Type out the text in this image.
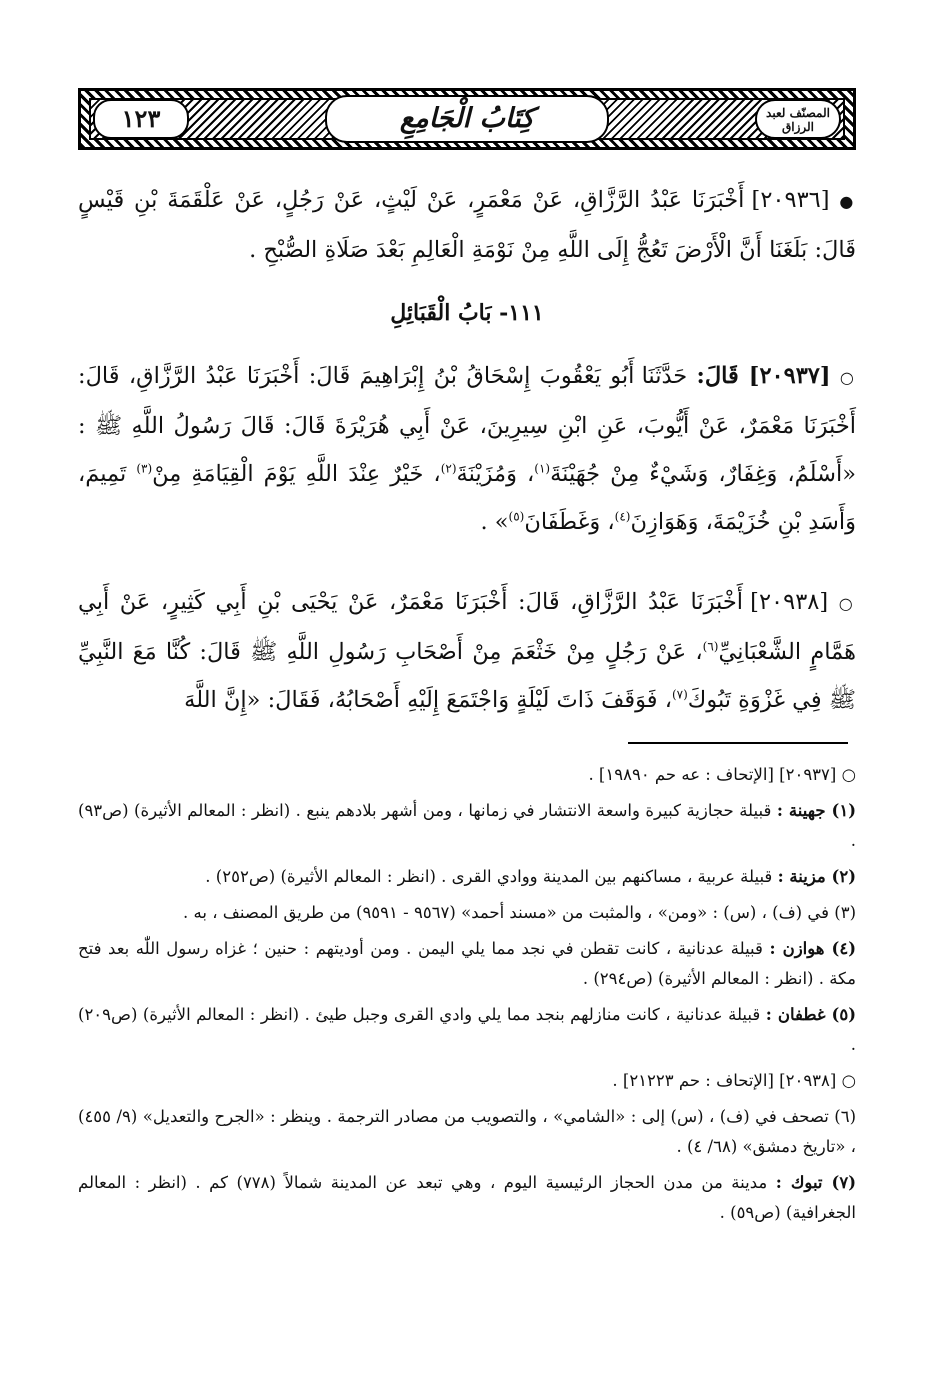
المصنّف لعبد الرزاق
كِتَابُ الْجَامِعِ
١٢٣
● [٢٠٩٣٦] أَخْبَرَنَا عَبْدُ الرَّزَّاقِ، عَنْ مَعْمَرٍ، عَنْ لَيْثٍ، عَنْ رَجُلٍ، عَنْ عَلْقَمَةَ بْنِ قَيْسٍ قَالَ: بَلَغَنَا أَنَّ الْأَرْضَ تَعُجُّ إِلَى اللَّهِ مِنْ نَوْمَةِ الْعَالِمِ بَعْدَ صَلَاةِ الصُّبْحِ .
١١١- بَابُ الْقَبَائِلِ
○ [٢٠٩٣٧] قَالَ: حَدَّثَنَا أَبُو يَعْقُوبَ إِسْحَاقُ بْنُ إِبْرَاهِيمَ قَالَ: أَخْبَرَنَا عَبْدُ الرَّزَّاقِ، قَالَ: أَخْبَرَنَا مَعْمَرٌ، عَنْ أَيُّوبَ، عَنِ ابْنِ سِيرِينَ، عَنْ أَبِي هُرَيْرَةَ قَالَ: قَالَ رَسُولُ اللَّهِ ﷺ : «أَسْلَمُ، وَغِفَارٌ، وَشَيْءٌ مِنْ جُهَيْنَةَ$^{(١)}$، وَمُزَيْنَةَ$^{(٢)}$، خَيْرٌ عِنْدَ اللَّهِ يَوْمَ الْقِيَامَةِ مِنْ$^{(٣)}$ تَمِيمَ، وَأَسَدِ بْنِ خُزَيْمَةَ، وَهَوَازِنَ$^{(٤)}$، وَغَطَفَانَ$^{(٥)}$» .
○ [٢٠٩٣٨] أَخْبَرَنَا عَبْدُ الرَّزَّاقِ، قَالَ: أَخْبَرَنَا مَعْمَرٌ، عَنْ يَحْيَى بْنِ أَبِي كَثِيرٍ، عَنْ أَبِي هَمَّامٍ الشَّعْبَانِيِّ$^{(٦)}$، عَنْ رَجُلٍ مِنْ خَثْعَمَ مِنْ أَصْحَابِ رَسُولِ اللَّهِ ﷺ قَالَ: كُنَّا مَعَ النَّبِيِّ ﷺ فِي غَزْوَةِ تَبُوكَ$^{(٧)}$، فَوَقَفَ ذَاتَ لَيْلَةٍ وَاجْتَمَعَ إِلَيْهِ أَصْحَابُهُ، فَقَالَ: «إِنَّ اللَّهَ

○ [٢٠٩٣٧] [الإتحاف : عه حم ١٩٨٩٠] .

(١) جهينة : قبيلة حجازية كبيرة واسعة الانتشار في زمانها ، ومن أشهر بلادهم ينبع . (انظر : المعالم الأثيرة) (ص٩٣) .

(٢) مزينة : قبيلة عربية ، مساكنهم بين المدينة ووادي القرى . (انظر : المعالم الأثيرة) (ص٢٥٢) .

(٣) في (ف) ، (س) : «ومن» ، والمثبت من «مسند أحمد» (٩٥٦٧ - ٩٥٩١) من طريق المصنف ، به .

(٤) هوازن : قبيلة عدنانية ، كانت تقطن في نجد مما يلي اليمن . ومن أوديتهم : حنين ؛ غزاه رسول اللّٰه بعد فتح مكة . (انظر : المعالم الأثيرة) (ص٢٩٤) .

(٥) غطفان : قبيلة عدنانية ، كانت منازلهم بنجد مما يلي وادي القرى وجبل طيئ . (انظر : المعالم الأثيرة) (ص٢٠٩) .

○ [٢٠٩٣٨] [الإتحاف : حم ٢١٢٢٣] .

(٦) تصحف في (ف) ، (س) إلى : «الشامي» ، والتصويب من مصادر الترجمة . وينظر : «الجرح والتعديل» (٩/ ٤٥٥) ، «تاريخ دمشق» (٦٨/ ٤) .

(٧) تبوك : مدينة من مدن الحجاز الرئيسية اليوم ، وهي تبعد عن المدينة شمالاً (٧٧٨) كم . (انظر : المعالم الجغرافية) (ص٥٩) .
